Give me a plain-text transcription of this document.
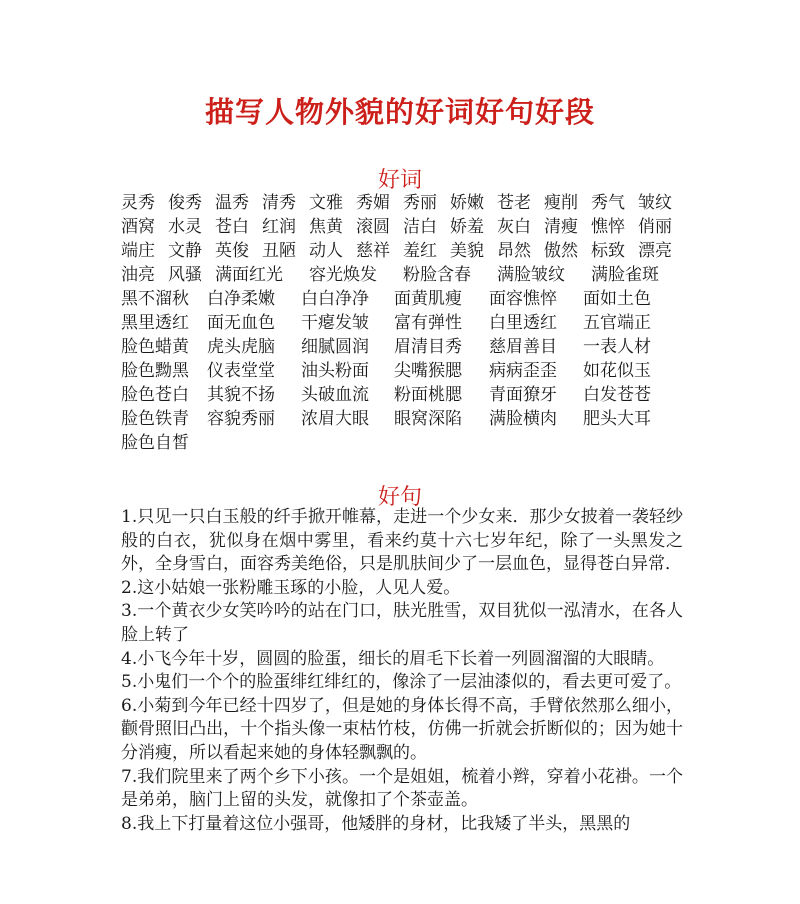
描写人物外貌的好词好句好段
好词
灵秀 俊秀 温秀 清秀 文雅 秀媚 秀丽 娇嫩 苍老 瘦削 秀气 皱纹
酒窝 水灵 苍白 红润 焦黄 滚圆 洁白 娇羞 灰白 清瘦 憔悴 俏丽
端庄 文静 英俊 丑陋 动人 慈祥 羞红 美貌 昂然 傲然 标致 漂亮
油亮 风骚 满面红光 容光焕发 粉脸含春 满脸皱纹 满脸雀斑
黑不溜秋 白净柔嫩 白白净净 面黄肌瘦 面容憔悴 面如土色
黑里透红 面无血色 干瘪发皱 富有弹性 白里透红 五官端正
脸色蜡黄 虎头虎脑 细腻圆润 眉清目秀 慈眉善目 一表人材
脸色黝黑 仪表堂堂 油头粉面 尖嘴猴腮 病病歪歪 如花似玉
脸色苍白 其貌不扬 头破血流 粉面桃腮 青面獠牙 白发苍苍
脸色铁青 容貌秀丽 浓眉大眼 眼窝深陷 满脸横肉 肥头大耳
脸色自皙
好句

1.只见一只白玉般的纤手掀开帷幕，走进一个少女来．那少女披着一袭轻纱般的白衣，犹似身在烟中雾里，看来约莫十六七岁年纪，除了一头黑发之外，全身雪白，面容秀美绝俗，只是肌肤间少了一层血色，显得苍白异常．

2.这小姑娘一张粉雕玉琢的小脸，人见人爱。

3.一个黄衣少女笑吟吟的站在门口，肤光胜雪，双目犹似一泓清水，在各人脸上转了

4.小飞今年十岁，圆圆的脸蛋，细长的眉毛下长着一列圆溜溜的大眼睛。

5.小鬼们一个个的脸蛋绯红绯红的，像涂了一层油漆似的，看去更可爱了。

6.小菊到今年已经十四岁了，但是她的身体长得不高，手臂依然那么细小，颧骨照旧凸出，十个指头像一束枯竹枝，仿佛一折就会折断似的；因为她十分消瘦，所以看起来她的身体轻飘飘的。

7.我们院里来了两个乡下小孩。一个是姐姐，梳着小辫，穿着小花褂。一个是弟弟，脑门上留的头发，就像扣了个茶壶盖。

8.我上下打量着这位小强哥，他矮胖的身材，比我矮了半头，黑黑的
